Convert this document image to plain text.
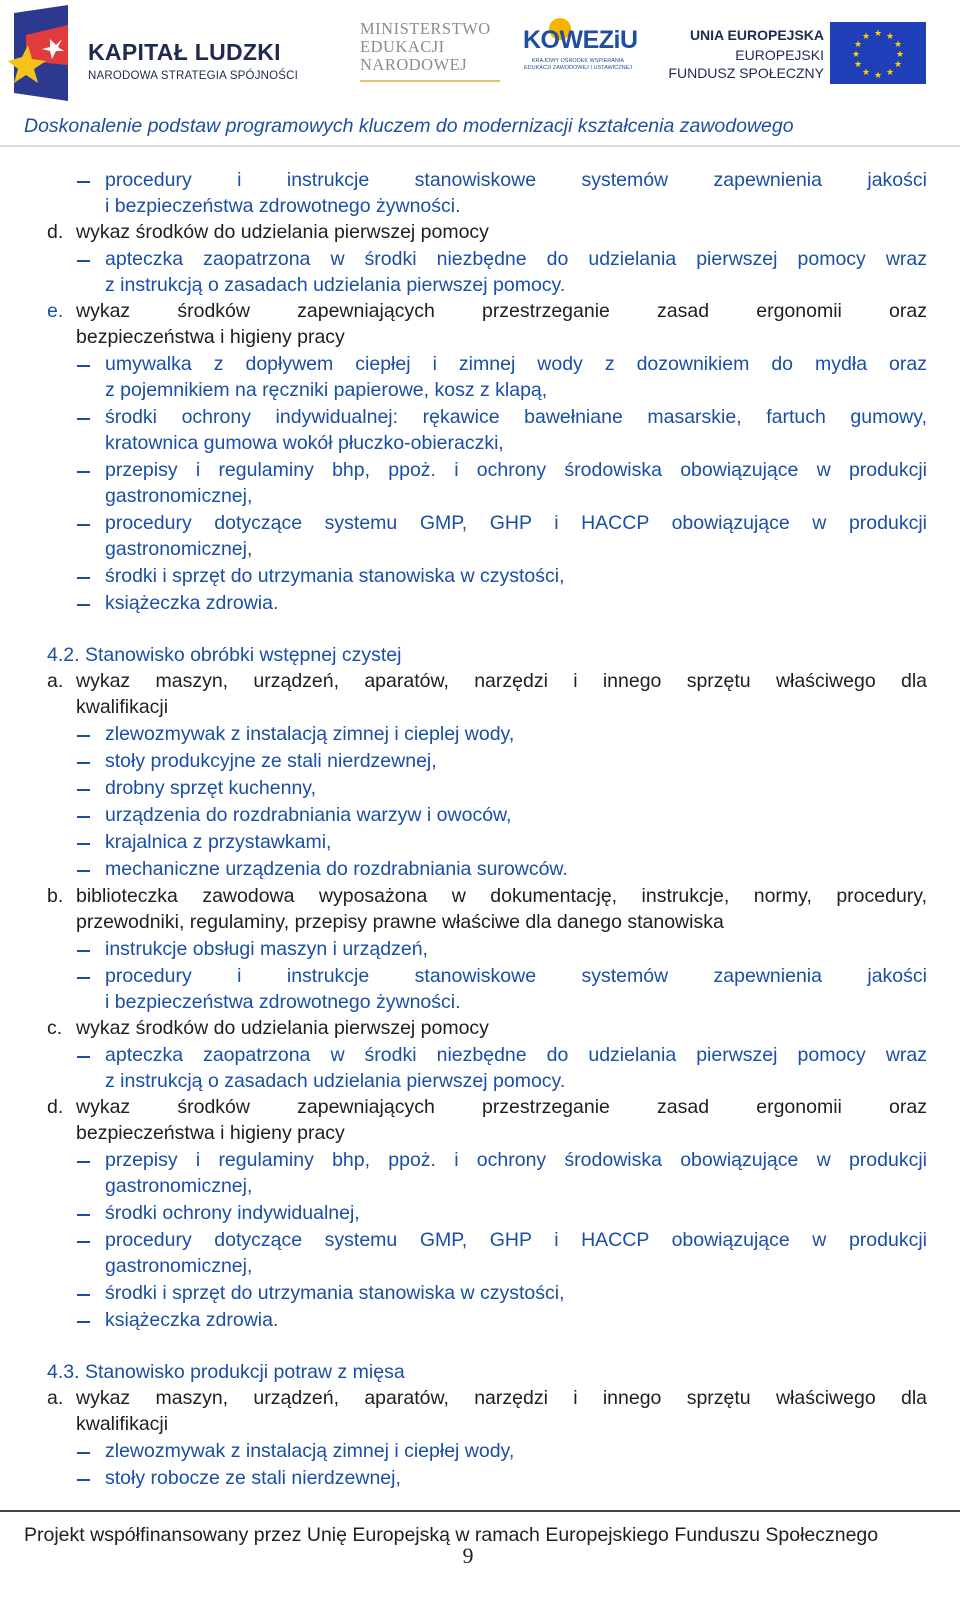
KAPITAŁ LUDZKI
NARODOWA STRATEGIA SPÓJNOŚCI
MINISTERSTWO
EDUKACJI
NARODOWEJ
KOWEZiU
KRAJOWY OŚRODEK WSPIERANIA EDUKACJI ZAWODOWEJ I USTAWICZNEJ
UNIA EUROPEJSKA
EUROPEJSKI
FUNDUSZ SPOŁECZNY
★ ★
★
★
★
★
★
★
★
★
★
★
Doskonalenie podstaw programowych kluczem do modernizacji kształcenia zawodowego
procedury i instrukcje stanowiskowe systemów zapewnienia jakości
i bezpieczeństwa zdrowotnego żywności.
d. wykaz środków do udzielania pierwszej pomocy
apteczka zaopatrzona w środki niezbędne do udzielania pierwszej pomocy wraz
z instrukcją o zasadach udzielania pierwszej pomocy.
e. wykaz środków zapewniających przestrzeganie zasad ergonomii oraz
bezpieczeństwa i higieny pracy
umywalka z dopływem ciepłej i zimnej wody z dozownikiem do mydła oraz
z pojemnikiem na ręczniki papierowe, kosz z klapą,
środki ochrony indywidualnej: rękawice bawełniane masarskie, fartuch gumowy,
kratownica gumowa wokół płuczko-obieraczki,
przepisy i regulaminy bhp, ppoż. i ochrony środowiska obowiązujące w produkcji
gastronomicznej,
procedury dotyczące systemu GMP, GHP i HACCP obowiązujące w produkcji
gastronomicznej,
środki i sprzęt do utrzymania stanowiska w czystości,
książeczka zdrowia.
4.2. Stanowisko obróbki wstępnej czystej
a. wykaz maszyn, urządzeń, aparatów, narzędzi i innego sprzętu właściwego dla
kwalifikacji
zlewozmywak z instalacją zimnej i cieplej wody,
stoły produkcyjne ze stali nierdzewnej,
drobny sprzęt kuchenny,
urządzenia do rozdrabniania warzyw i owoców,
krajalnica z przystawkami,
mechaniczne urządzenia do rozdrabniania surowców.
b. biblioteczka zawodowa wyposażona w dokumentację, instrukcje, normy, procedury,
przewodniki, regulaminy, przepisy prawne właściwe dla danego stanowiska
instrukcje obsługi maszyn i urządzeń,
procedury i instrukcje stanowiskowe systemów zapewnienia jakości
i bezpieczeństwa zdrowotnego żywności.
c. wykaz środków do udzielania pierwszej pomocy
apteczka zaopatrzona w środki niezbędne do udzielania pierwszej pomocy wraz
z instrukcją o zasadach udzielania pierwszej pomocy.
d. wykaz środków zapewniających przestrzeganie zasad ergonomii oraz
bezpieczeństwa i higieny pracy
przepisy i regulaminy bhp, ppoż. i ochrony środowiska obowiązujące w produkcji
gastronomicznej,
środki ochrony indywidualnej,
procedury dotyczące systemu GMP, GHP i HACCP obowiązujące w produkcji
gastronomicznej,
środki i sprzęt do utrzymania stanowiska w czystości,
książeczka zdrowia.
4.3. Stanowisko produkcji potraw z mięsa
a. wykaz maszyn, urządzeń, aparatów, narzędzi i innego sprzętu właściwego dla
kwalifikacji
zlewozmywak z instalacją zimnej i ciepłej wody,
stoły robocze ze stali nierdzewnej,
Projekt współfinansowany przez Unię Europejską w ramach Europejskiego Funduszu Społecznego
9
